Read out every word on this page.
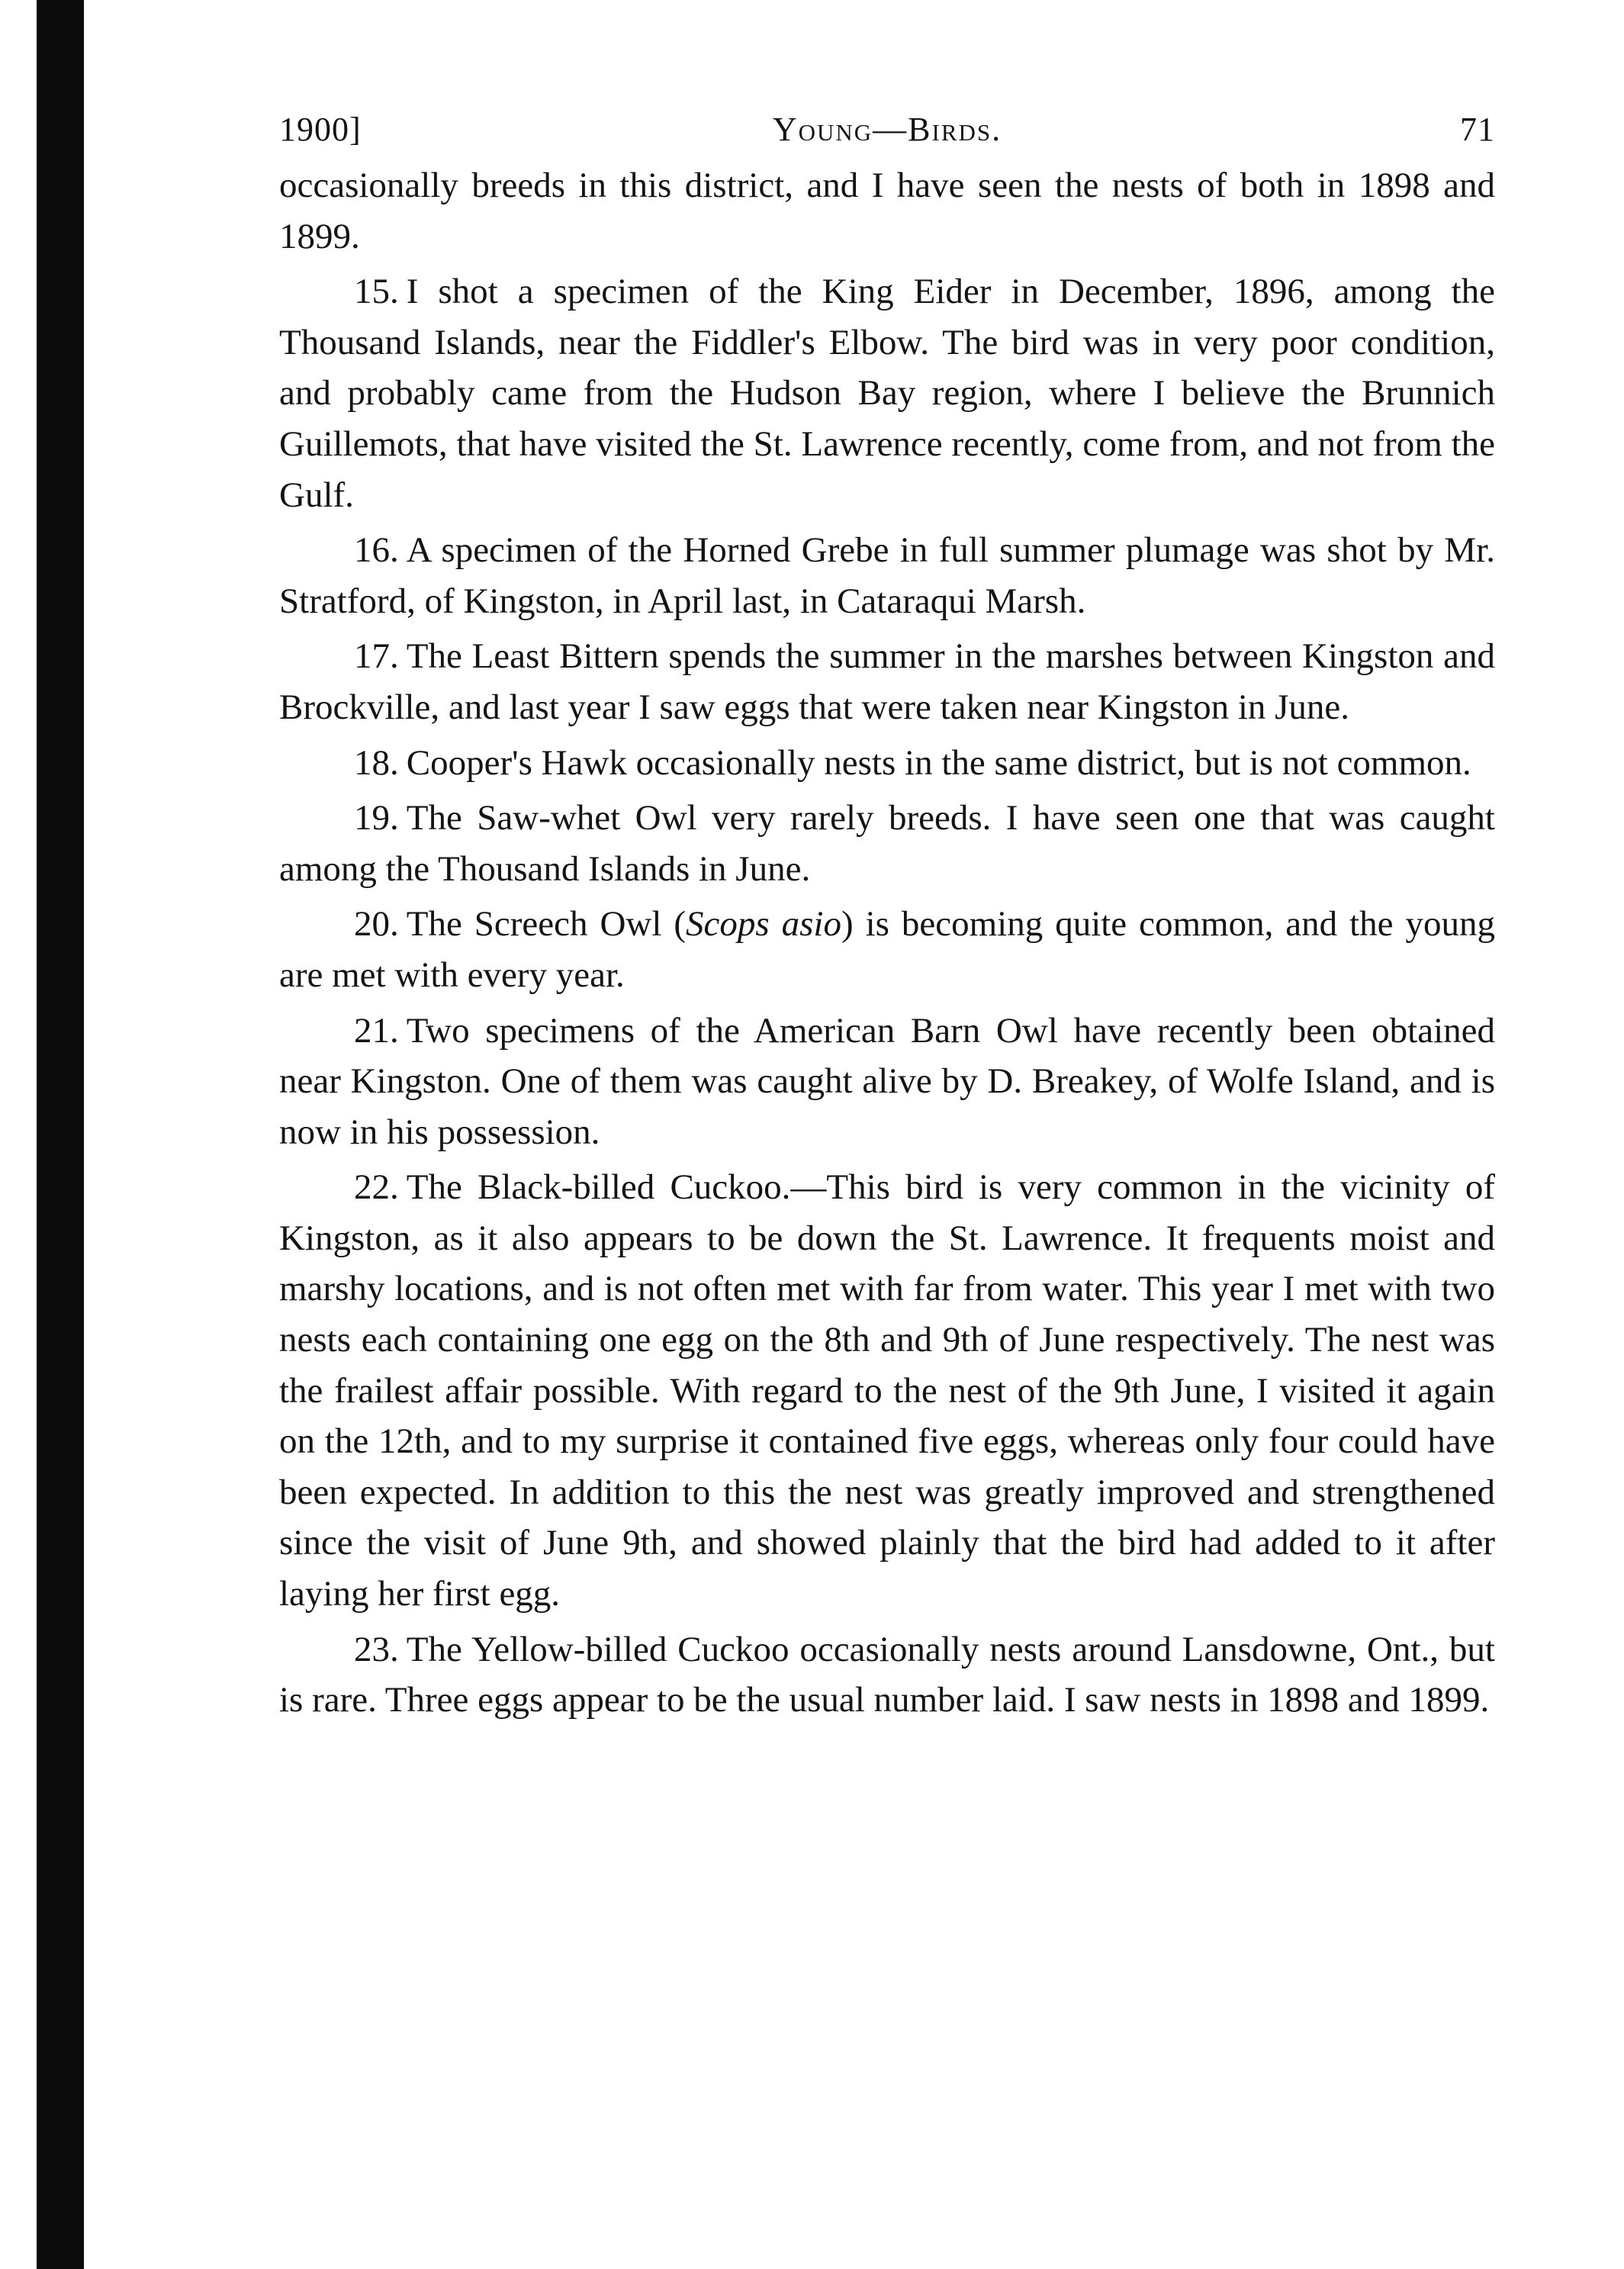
1900]	Young—Birds.	71

occasionally breeds in this district, and I have seen the nests of both in 1898 and 1899.

15. I shot a specimen of the King Eider in December, 1896, among the Thousand Islands, near the Fiddler's Elbow. The bird was in very poor condition, and probably came from the Hudson Bay region, where I believe the Brunnich Guillemots, that have visited the St. Lawrence recently, come from, and not from the Gulf.

16. A specimen of the Horned Grebe in full summer plumage was shot by Mr. Stratford, of Kingston, in April last, in Cataraqui Marsh.

17. The Least Bittern spends the summer in the marshes between Kingston and Brockville, and last year I saw eggs that were taken near Kingston in June.

18. Cooper's Hawk occasionally nests in the same district, but is not common.

19. The Saw-whet Owl very rarely breeds. I have seen one that was caught among the Thousand Islands in June.

20. The Screech Owl (Scops asio) is becoming quite common, and the young are met with every year.

21. Two specimens of the American Barn Owl have recently been obtained near Kingston. One of them was caught alive by D. Breakey, of Wolfe Island, and is now in his possession.

22. The Black-billed Cuckoo.—This bird is very common in the vicinity of Kingston, as it also appears to be down the St. Lawrence. It frequents moist and marshy locations, and is not often met with far from water. This year I met with two nests each containing one egg on the 8th and 9th of June respectively. The nest was the frailest affair possible. With regard to the nest of the 9th June, I visited it again on the 12th, and to my surprise it contained five eggs, whereas only four could have been expected. In addition to this the nest was greatly improved and strengthened since the visit of June 9th, and showed plainly that the bird had added to it after laying her first egg.

23. The Yellow-billed Cuckoo occasionally nests around Lansdowne, Ont., but is rare. Three eggs appear to be the usual number laid. I saw nests in 1898 and 1899.
